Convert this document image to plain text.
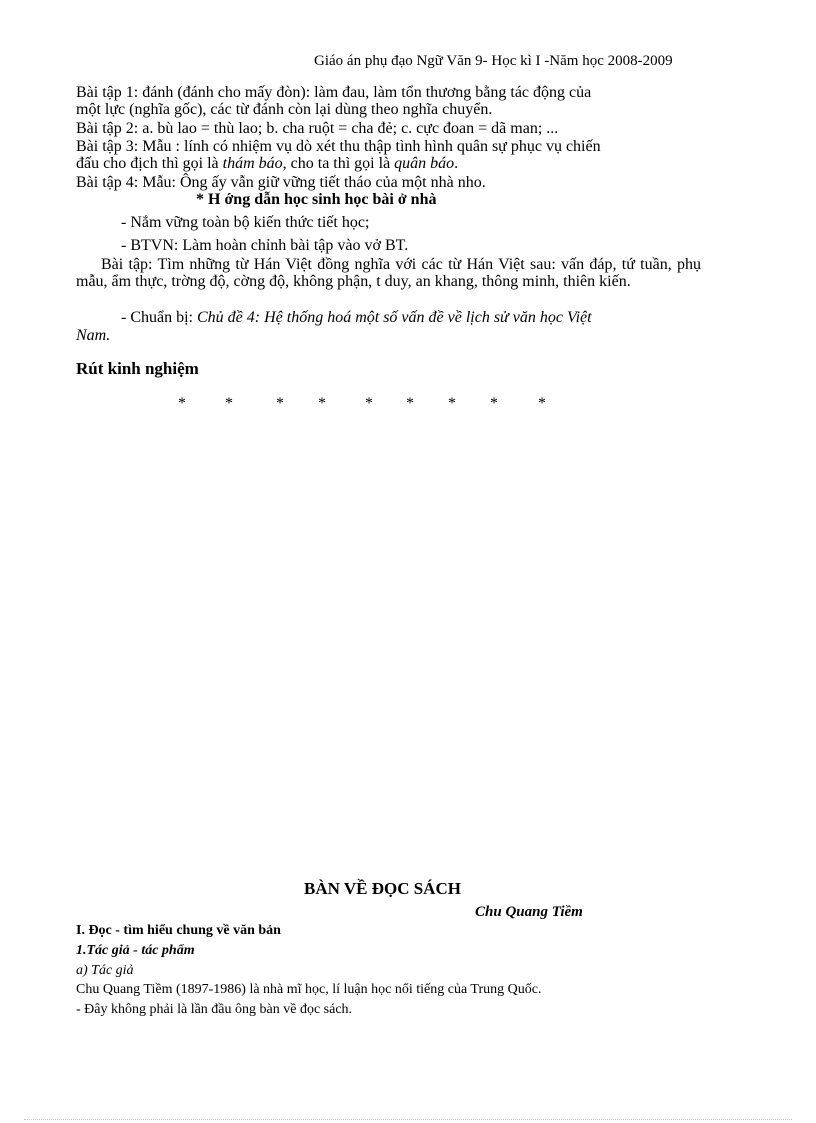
Giáo án phụ đạo Ngữ Văn 9- Học kì I -Năm học 2008-2009
Bài tập 1: đánh (đánh cho mấy đòn): làm đau, làm tổn thương bằng tác động của
một lực (nghĩa gốc), các từ đánh còn lại dùng theo nghĩa chuyển.
Bài tập 2: a. bù lao = thù lao; b. cha ruột = cha đẻ; c. cực đoan = dã man; ...
Bài tập 3: Mẫu : lính có nhiệm vụ dò xét thu thập tình hình quân sự phục vụ chiến
đấu cho địch thì gọi là thám báo, cho ta thì gọi là quân báo.
Bài tập 4: Mẫu: Ông ấy vẫn giữ vững tiết tháo của một nhà nho.
* H ớng dẫn học sinh học bài ở nhà
- Nắm vững toàn bộ kiến thức tiết học;
- BTVN: Làm hoàn chỉnh bài tập vào vở BT.
Bài tập: Tìm những từ Hán Việt đồng nghĩa với các từ Hán Việt sau: vấn đáp, tứ tuần, phụ mẫu, ẩm thực, trờng độ, cờng độ, không phận, t duy, an khang, thông minh, thiên kiến.
- Chuẩn bị: Chủ đề 4: Hệ thống hoá một số vấn đề về lịch sử văn học Việt
Nam.
Rút kinh nghiệm
* *	* * * * * *	*
BÀN VỀ ĐỌC SÁCH
Chu Quang Tiềm
I. Đọc - tìm hiểu chung về văn bản
1.Tác giả - tác phẩm
a) Tác giả
Chu Quang Tiềm (1897-1986) là nhà mĩ học, lí luận học nổi tiếng của Trung Quốc.
- Đây không phải là lần đầu ông bàn về đọc sách.
